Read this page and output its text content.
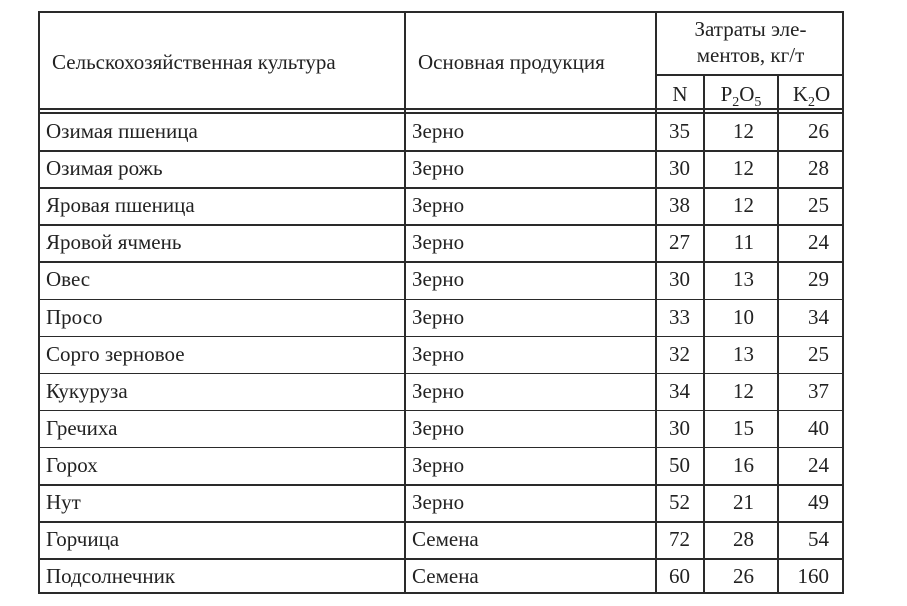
Сельскохозяйственная культура	Основная продукция
Затраты эле-
ментов, кг/т
N	$P_2O_5$	$K_2O$
Озимая пшеница	Зерно	35	12	26
Озимая рожь	Зерно	30	12	28
Яровая пшеница	Зерно	38	12	25
Яровой ячмень	Зерно	27	11	24
Овес	Зерно	30	13	29
Просо	Зерно	33	10	34
Сорго зерновое	Зерно	32	13	25
Кукуруза	Зерно	34	12	37
Гречиха	Зерно	30	15	40
Горох	Зерно	50	16	24
Нут	Зерно	52	21	49
Горчица	Семена	72	28	54
Подсолнечник	Семена	60	26	160
